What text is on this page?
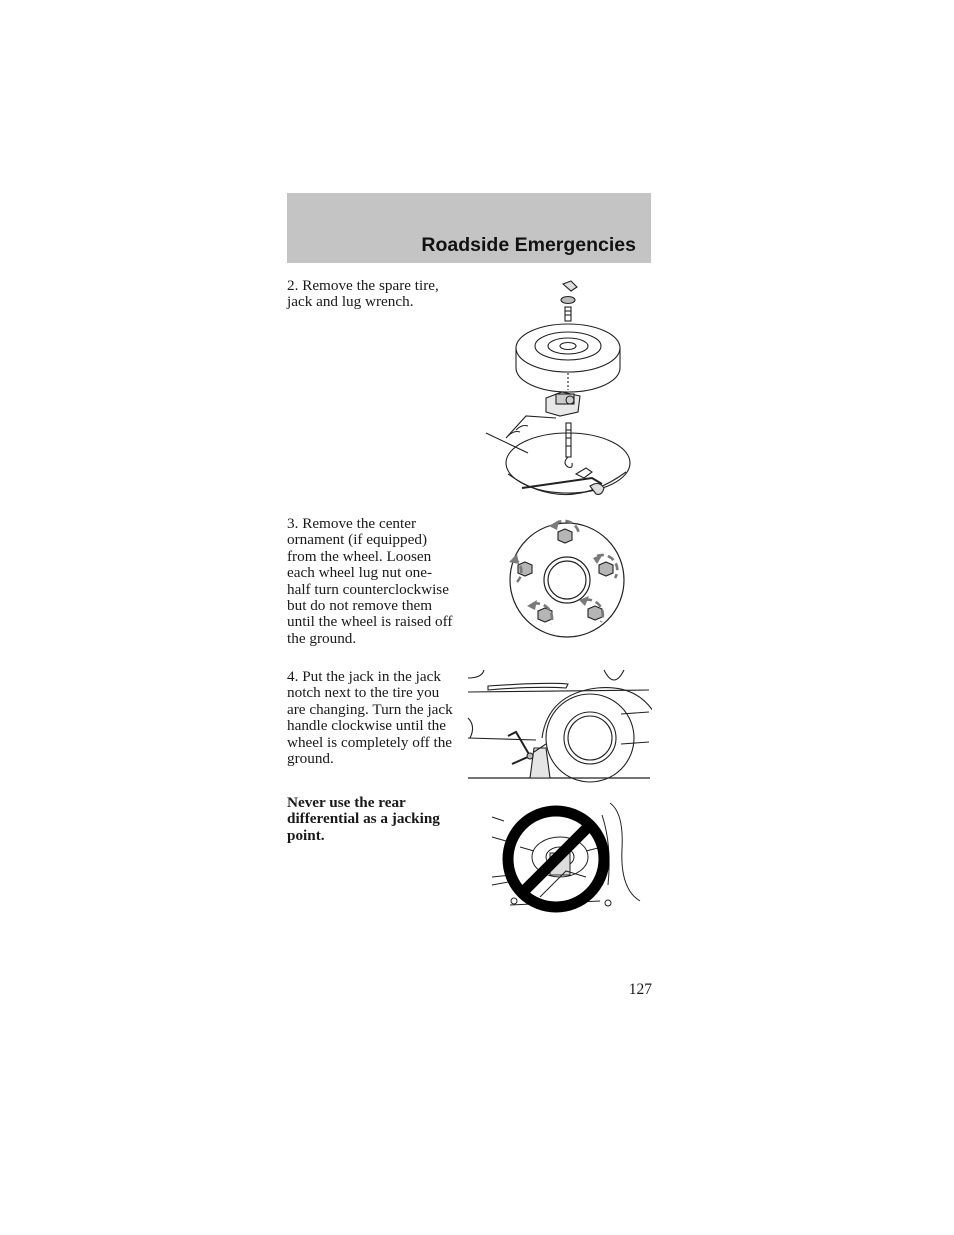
Roadside Emergencies

2. Remove the spare tire, jack and lug wrench.

3. Remove the center ornament (if equipped) from the wheel. Loosen each wheel lug nut one-half turn counterclockwise but do not remove them until the wheel is raised off the ground.

4. Put the jack in the jack notch next to the tire you are changing. Turn the jack handle clockwise until the wheel is completely off the ground.

Never use the rear differential as a jacking point.

127
